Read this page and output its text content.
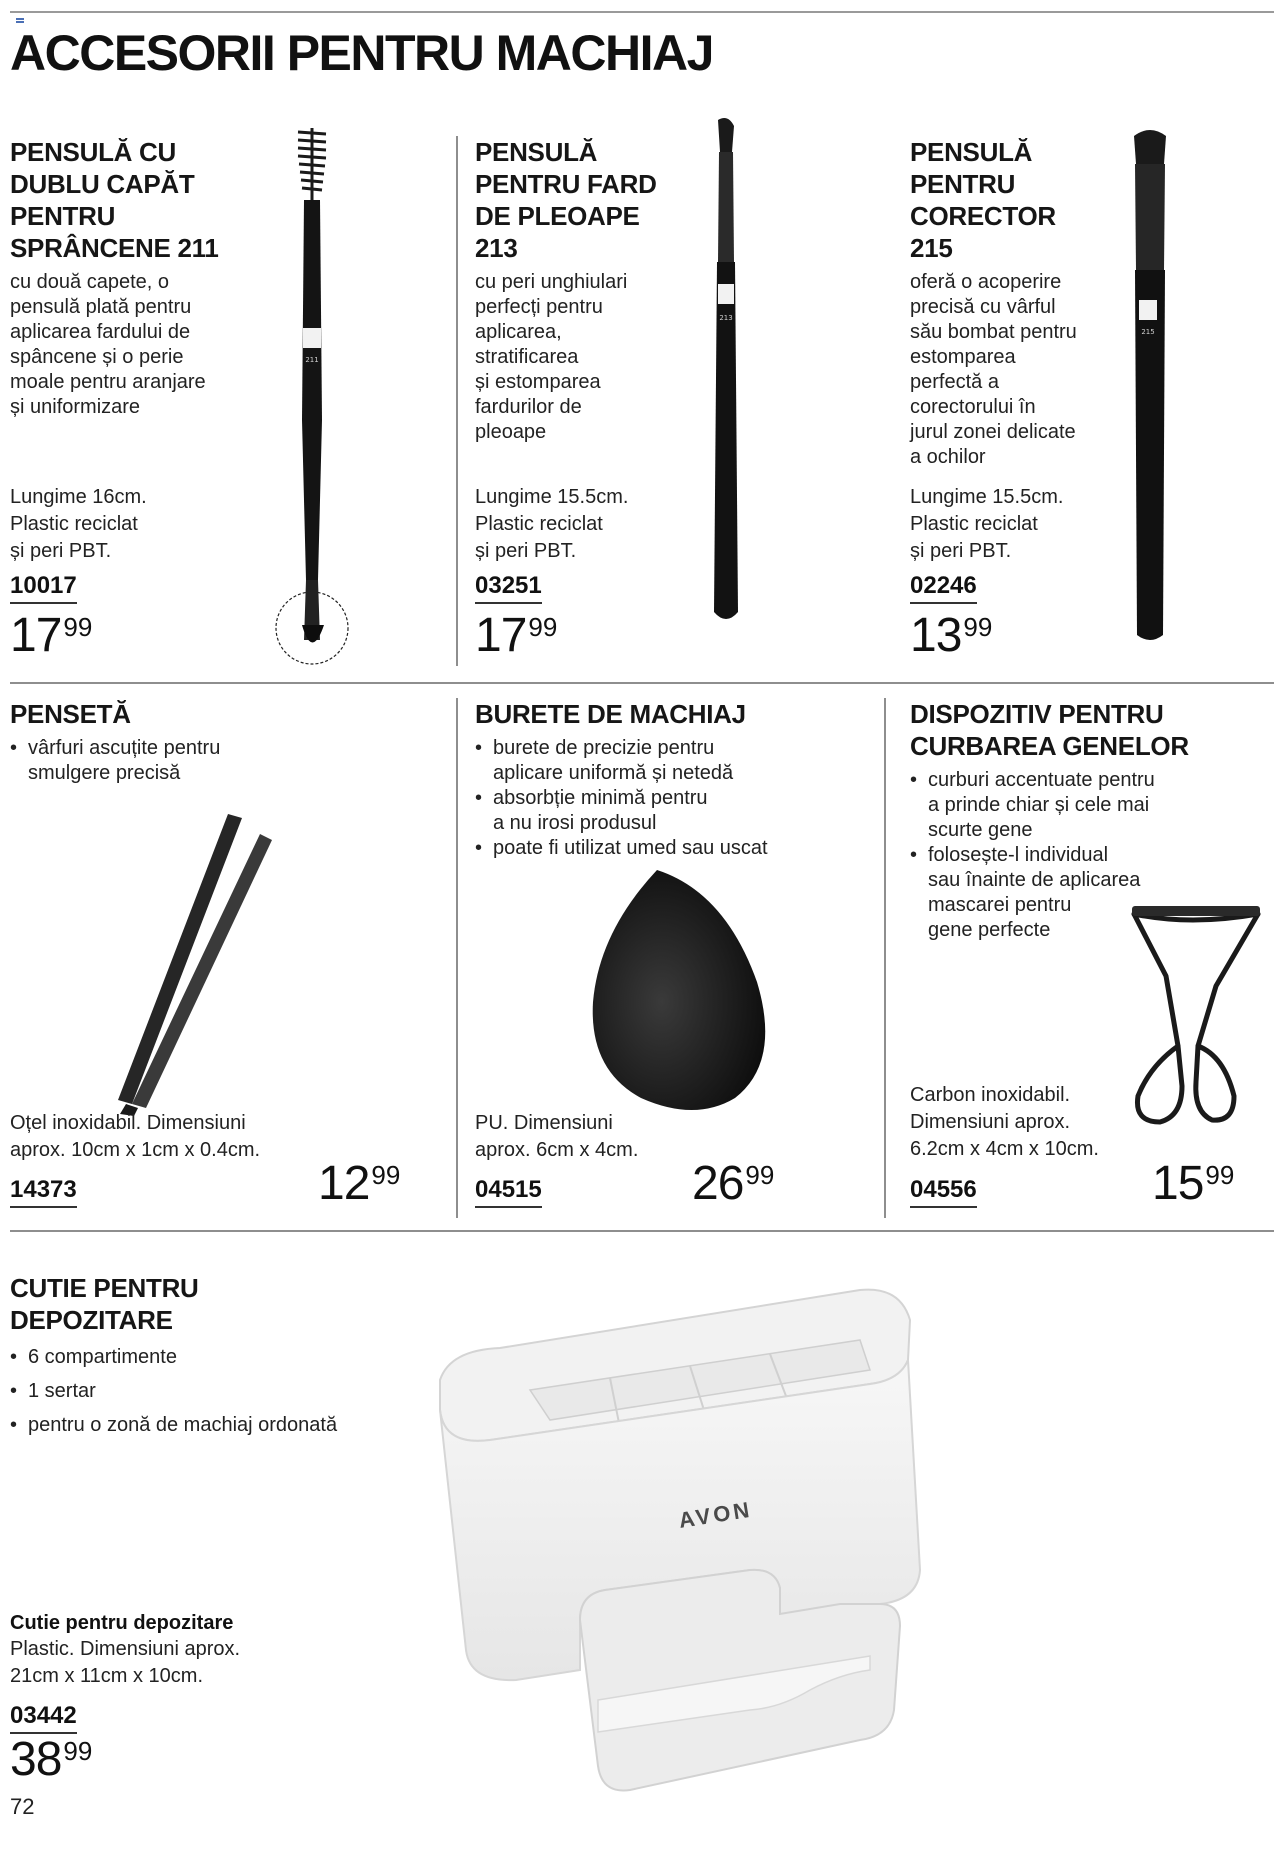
ACCESORII PENTRU MACHIAJ
PENSULĂ CU
DUBLU CAPĂT
PENTRU
SPRÂNCENE 211
cu două capete, o
pensulă plată pentru
aplicarea fardului de
spâncene și o perie
moale pentru aranjare
și uniformizare
Lungime 16cm.
Plastic reciclat
și peri PBT.
10017
$17^{99}$
211
PENSULĂ
PENTRU FARD
DE PLEOAPE
213
cu peri unghiulari
perfecți pentru
aplicarea,
stratificarea
și estomparea
fardurilor de
pleoape
Lungime 15.5cm.
Plastic reciclat
și peri PBT.
03251
$17^{99}$
213
PENSULĂ
PENTRU
CORECTOR
215
oferă o acoperire
precisă cu vârful
său bombat pentru
estomparea
perfectă a
corectorului în
jurul zonei delicate
a ochilor
Lungime 15.5cm.
Plastic reciclat
și peri PBT.
02246
$13^{99}$
215
PENSETĂ
• vârfuri ascuțite pentru
smulgere precisă
Oțel inoxidabil. Dimensiuni
aprox. 10cm x 1cm x 0.4cm.
14373	$12^{99}$
BURETE DE MACHIAJ
• burete de precizie pentru
aplicare uniformă și netedă
• absorbție minimă pentru
a nu irosi produsul
• poate fi utilizat umed sau uscat
PU. Dimensiuni
aprox. 6cm x 4cm.
04515	$26^{99}$
DISPOZITIV PENTRU
CURBAREA GENELOR
• curburi accentuate pentru
a prinde chiar și cele mai
scurte gene
• folosește-l individual
sau înainte de aplicarea
mascarei pentru
gene perfecte
Carbon inoxidabil.
Dimensiuni aprox.
6.2cm x 4cm x 10cm.
04556	$15^{99}$
CUTIE PENTRU
DEPOZITARE
• 6 compartimente
• 1 sertar
• pentru o zonă de machiaj ordonată
AVON
Cutie pentru depozitare
Plastic. Dimensiuni aprox.
21cm x 11cm x 10cm.
03442
$38^{99}$
72
